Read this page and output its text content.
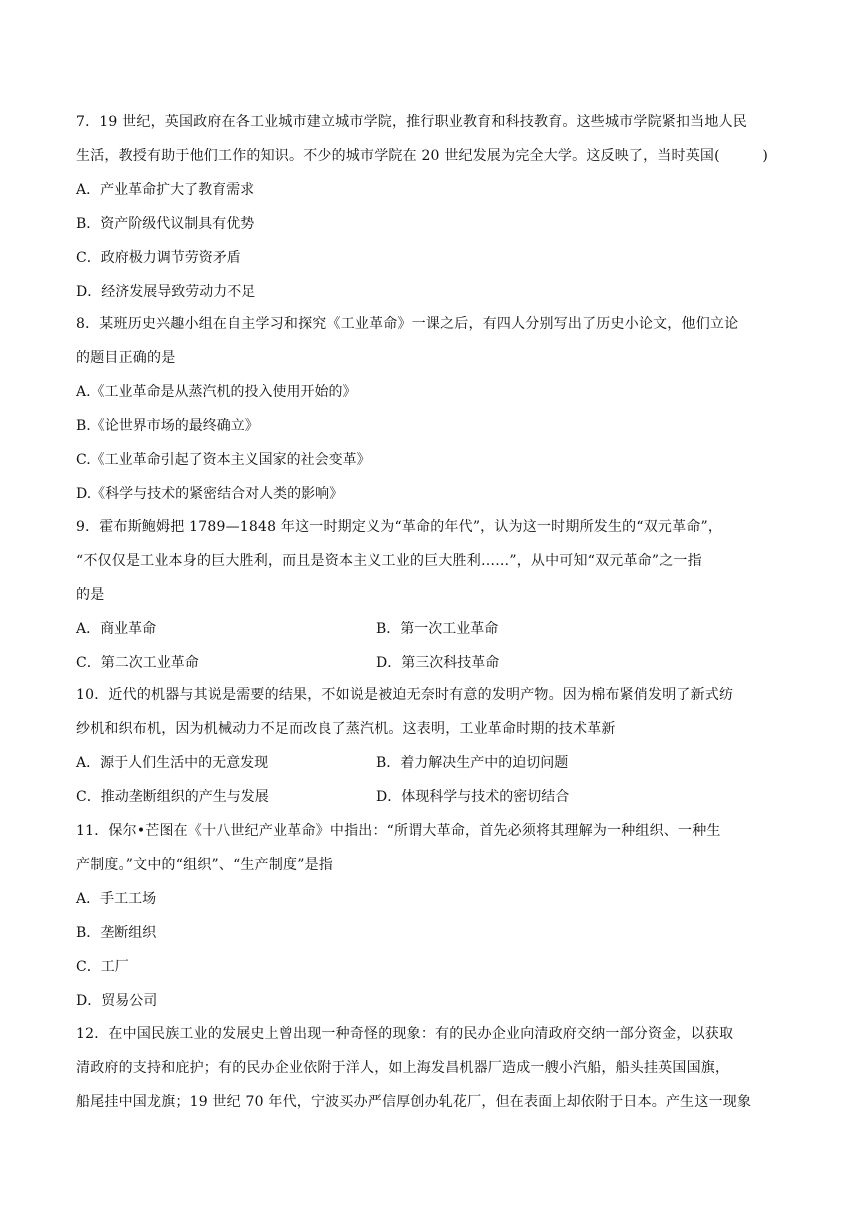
7．19 世纪，英国政府在各工业城市建立城市学院，推行职业教育和科技教育。这些城市学院紧扣当地人民
生活，教授有助于他们工作的知识。不少的城市学院在 20 世纪发展为完全大学。这反映了，当时英国(　　　)
A．产业革命扩大了教育需求
B．资产阶级代议制具有优势
C．政府极力调节劳资矛盾
D．经济发展导致劳动力不足
8．某班历史兴趣小组在自主学习和探究《工业革命》一课之后，有四人分别写出了历史小论文，他们立论
的题目正确的是
A.《工业革命是从蒸汽机的投入使用开始的》
B.《论世界市场的最终确立》
C.《工业革命引起了资本主义国家的社会变革》
D.《科学与技术的紧密结合对人类的影响》
9．霍布斯鲍姆把 1789—1848 年这一时期定义为“革命的年代”，认为这一时期所发生的“双元革命”，
“不仅仅是工业本身的巨大胜利，而且是资本主义工业的巨大胜利……”，从中可知“双元革命”之一指
的是
A．商业革命	B．第一次工业革命
C．第二次工业革命	D．第三次科技革命
10．近代的机器与其说是需要的结果，不如说是被迫无奈时有意的发明产物。因为棉布紧俏发明了新式纺
纱机和织布机，因为机械动力不足而改良了蒸汽机。这表明，工业革命时期的技术革新
A．源于人们生活中的无意发现	B．着力解决生产中的迫切问题
C．推动垄断组织的产生与发展	D．体现科学与技术的密切结合
11．保尔•芒图在《十八世纪产业革命》中指出：“所谓大革命，首先必须将其理解为一种组织、一种生
产制度。”文中的“组织”、“生产制度”是指
A．手工工场
B．垄断组织
C．工厂
D．贸易公司
12．在中国民族工业的发展史上曾出现一种奇怪的现象：有的民办企业向清政府交纳一部分资金，以获取
清政府的支持和庇护；有的民办企业依附于洋人，如上海发昌机器厂造成一艘小汽船，船头挂英国国旗，
船尾挂中国龙旗；19 世纪 70 年代，宁波买办严信厚创办轧花厂，但在表面上却依附于日本。产生这一现象
